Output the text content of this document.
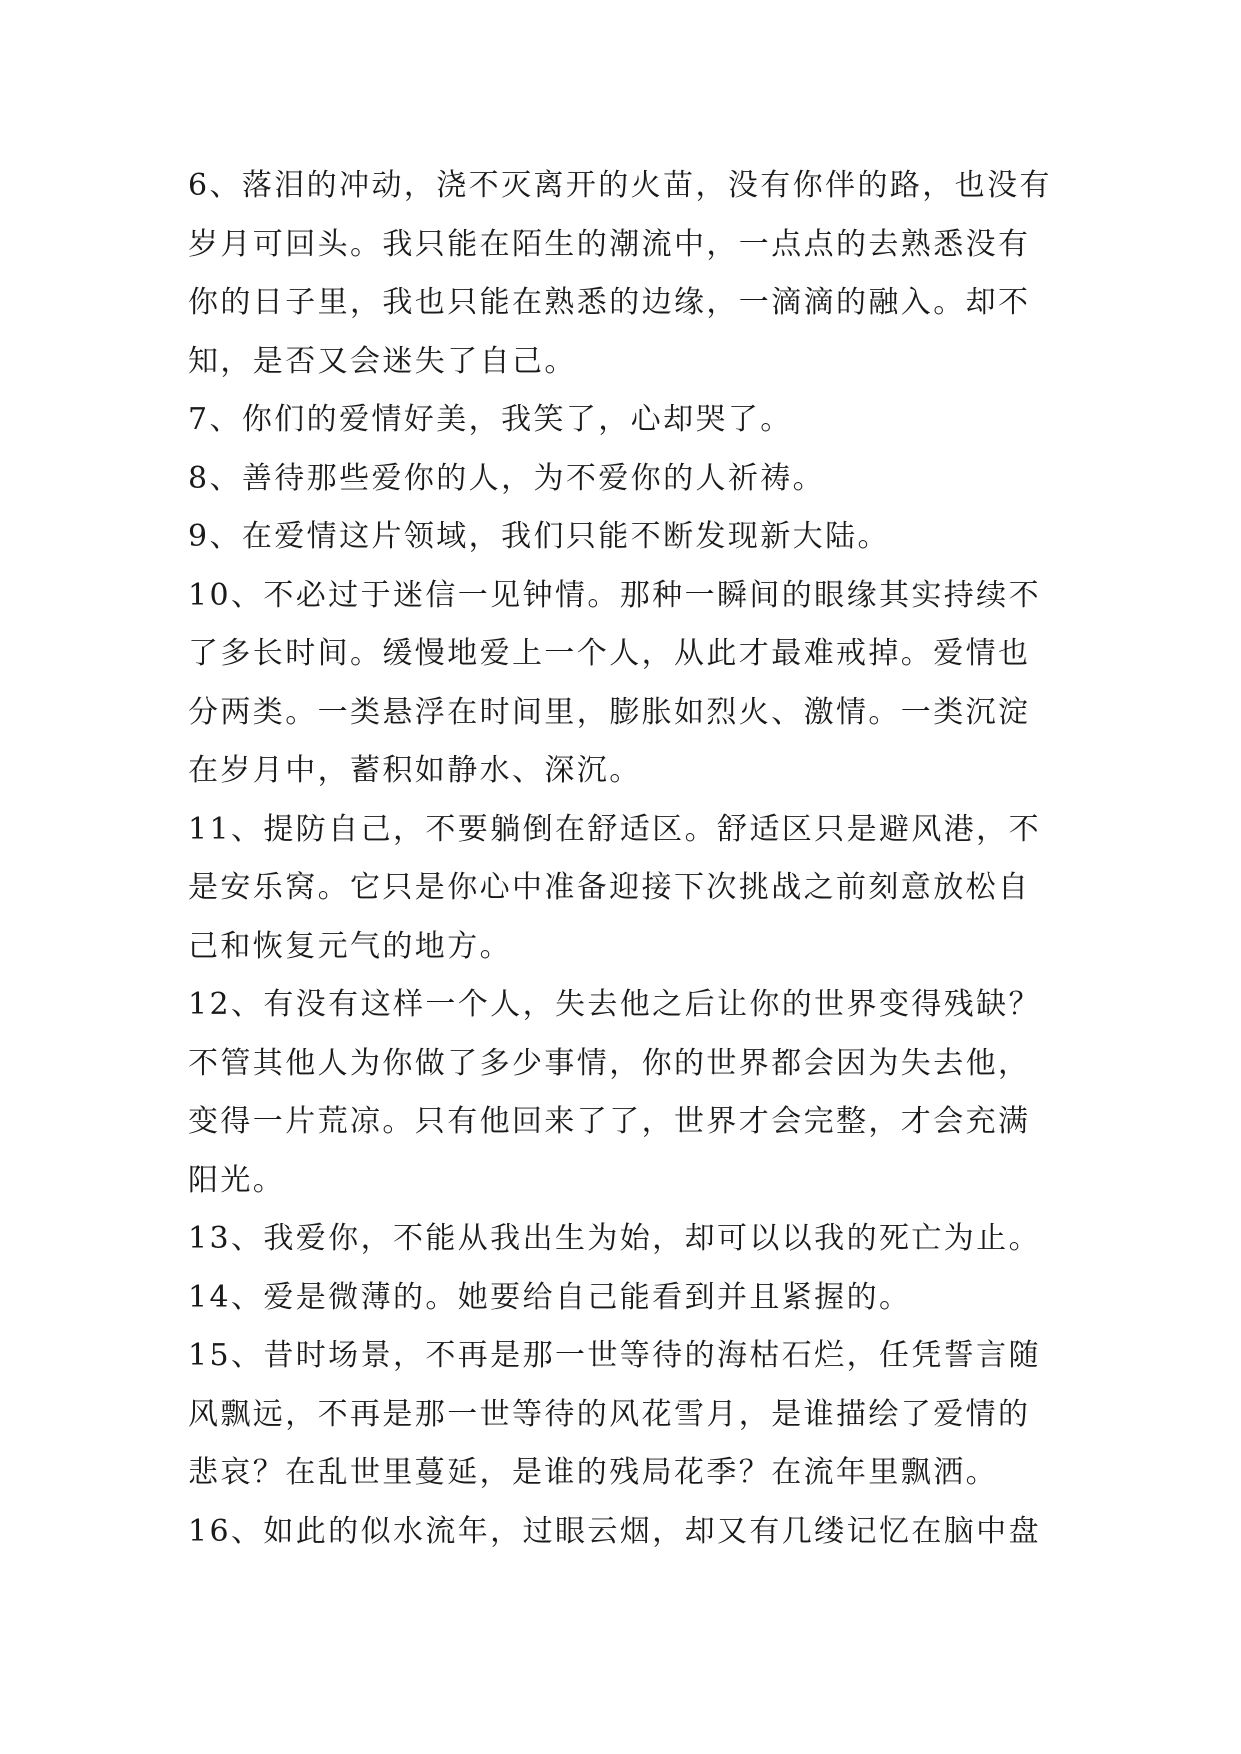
6、落泪的冲动，浇不灭离开的火苗，没有你伴的路，也没有岁月可回头。我只能在陌生的潮流中，一点点的去熟悉没有你的日子里，我也只能在熟悉的边缘，一滴滴的融入。却不知，是否又会迷失了自己。

7、你们的爱情好美，我笑了，心却哭了。

8、善待那些爱你的人，为不爱你的人祈祷。

9、在爱情这片领域，我们只能不断发现新大陆。

10、不必过于迷信一见钟情。那种一瞬间的眼缘其实持续不了多长时间。缓慢地爱上一个人，从此才最难戒掉。爱情也分两类。一类悬浮在时间里，膨胀如烈火、激情。一类沉淀在岁月中，蓄积如静水、深沉。

11、提防自己，不要躺倒在舒适区。舒适区只是避风港，不是安乐窝。它只是你心中准备迎接下次挑战之前刻意放松自己和恢复元气的地方。

12、有没有这样一个人，失去他之后让你的世界变得残缺？不管其他人为你做了多少事情，你的世界都会因为失去他，变得一片荒凉。只有他回来了了，世界才会完整，才会充满阳光。

13、我爱你，不能从我出生为始，却可以以我的死亡为止。

14、爱是微薄的。她要给自己能看到并且紧握的。

15、昔时场景，不再是那一世等待的海枯石烂，任凭誓言随风飘远，不再是那一世等待的风花雪月，是谁描绘了爱情的悲哀？在乱世里蔓延，是谁的残局花季？在流年里飘洒。

16、如此的似水流年，过眼云烟，却又有几缕记忆在脑中盘
